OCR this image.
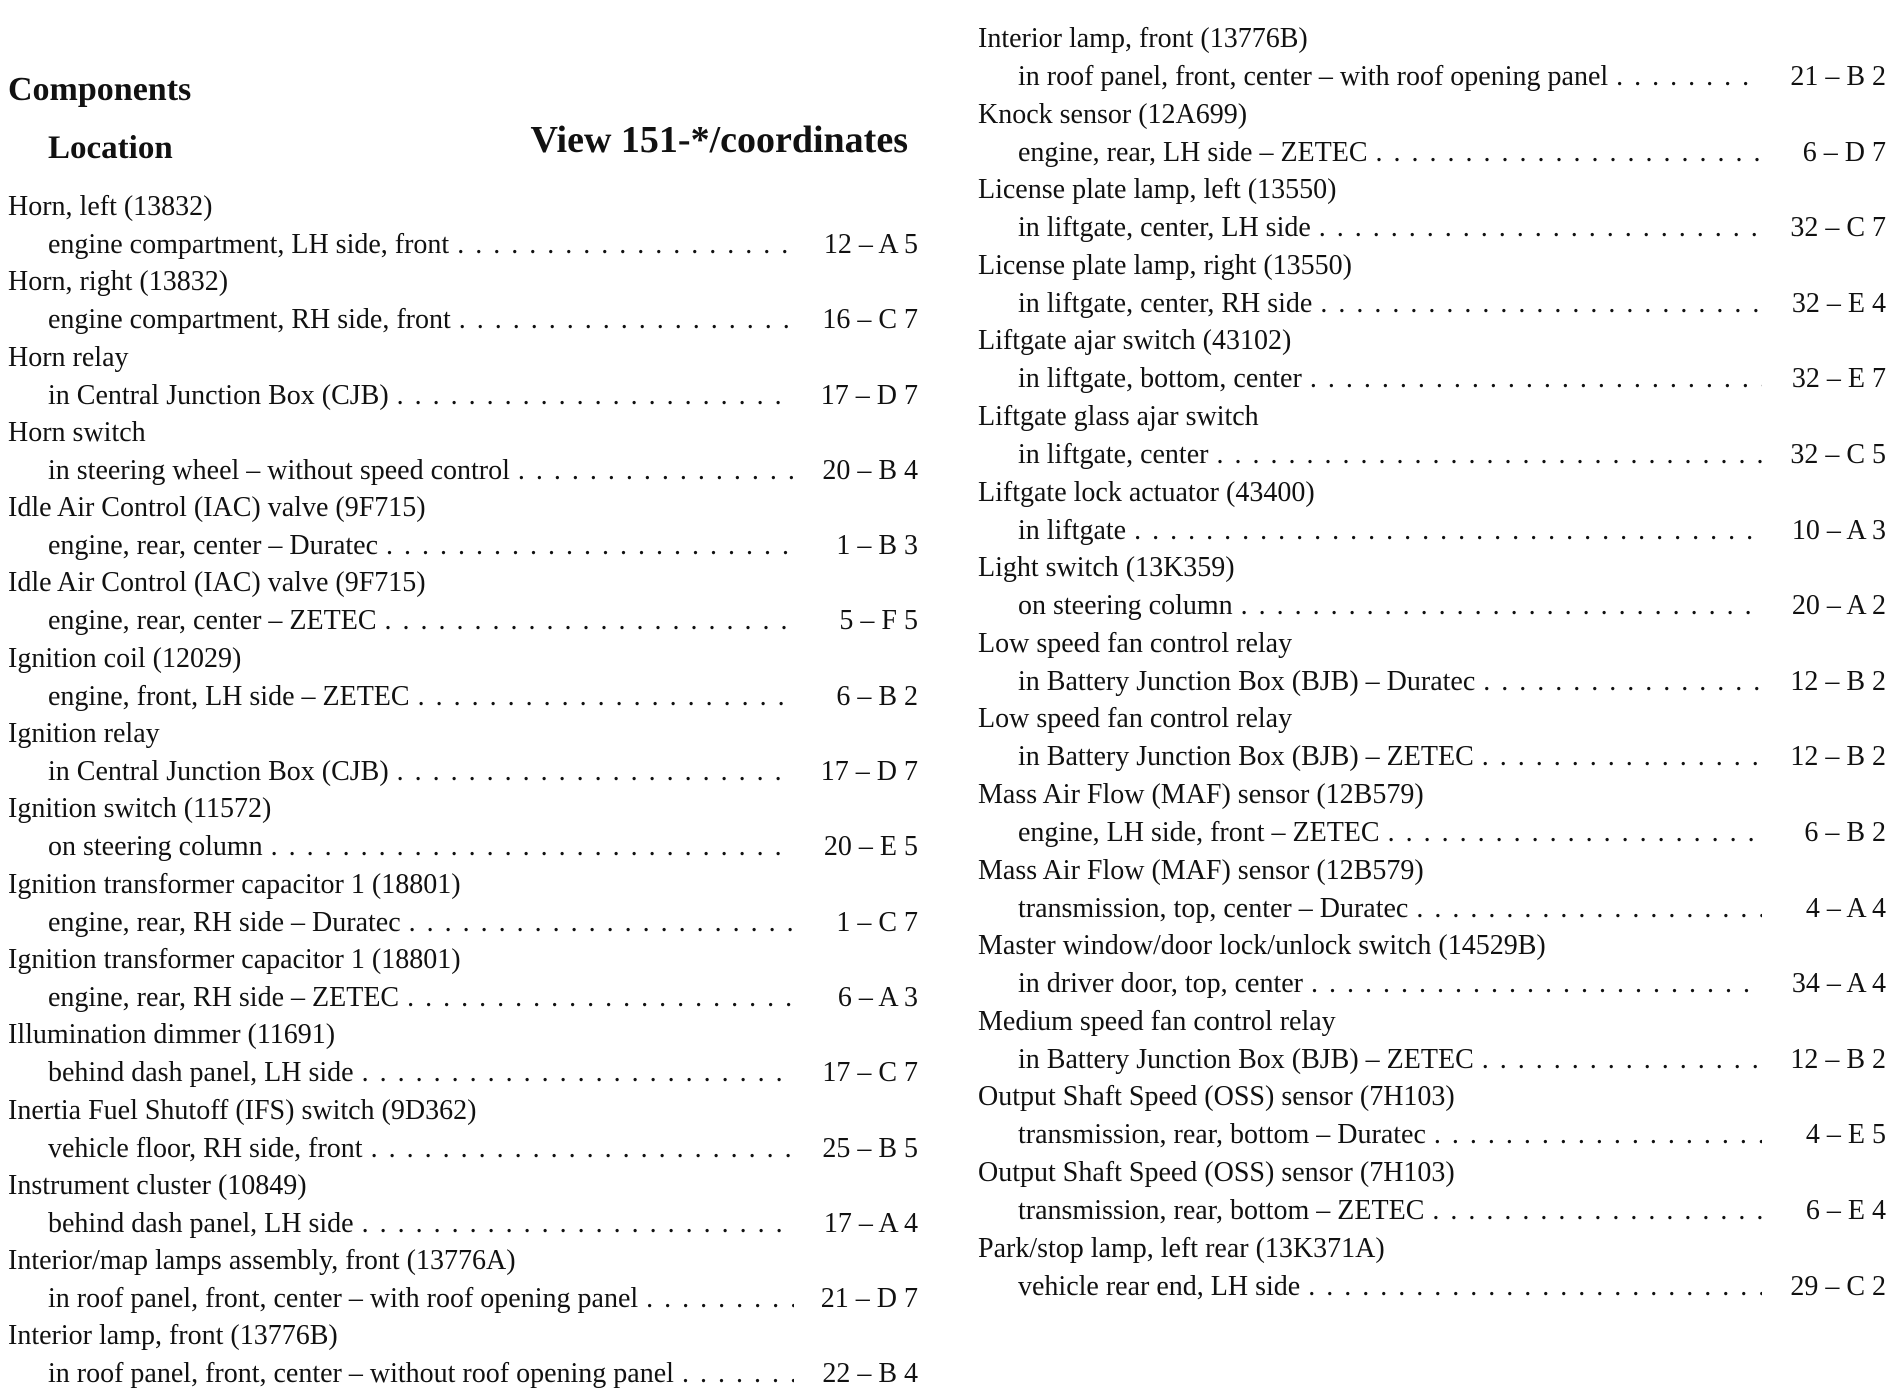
Components
Location	View 151-*/coordinates
Horn, left (13832)
engine compartment, LH side, front . . .	12 – A 5
Horn, right (13832)
engine compartment, RH side, front . . .	16 – C 7
Horn relay
in Central Junction Box (CJB) . . .	17 – D 7
Horn switch
in steering wheel – without speed control . . .	20 – B 4
Idle Air Control (IAC) valve (9F715)
engine, rear, center – Duratec . . .	1 – B 3
Idle Air Control (IAC) valve (9F715)
engine, rear, center – ZETEC . . .	5 – F 5
Ignition coil (12029)
engine, front, LH side – ZETEC . . .	6 – B 2
Ignition relay
in Central Junction Box (CJB) . . .	17 – D 7
Ignition switch (11572)
on steering column . . .	20 – E 5
Ignition transformer capacitor 1 (18801)
engine, rear, RH side – Duratec . . .	1 – C 7
Ignition transformer capacitor 1 (18801)
engine, rear, RH side – ZETEC . . .	6 – A 3
Illumination dimmer (11691)
behind dash panel, LH side . . .	17 – C 7
Inertia Fuel Shutoff (IFS) switch (9D362)
vehicle floor, RH side, front . . .	25 – B 5
Instrument cluster (10849)
behind dash panel, LH side . . .	17 – A 4
Interior/map lamps assembly, front (13776A)
in roof panel, front, center – with roof opening panel . . .	21 – D 7
Interior lamp, front (13776B)
in roof panel, front, center – without roof opening panel . . .	22 – B 4
Interior lamp, front (13776B)
in roof panel, front, center – with roof opening panel . . .	21 – B 2
Knock sensor (12A699)
engine, rear, LH side – ZETEC . . .	6 – D 7
License plate lamp, left (13550)
in liftgate, center, LH side . . .	32 – C 7
License plate lamp, right (13550)
in liftgate, center, RH side . . .	32 – E 4
Liftgate ajar switch (43102)
in liftgate, bottom, center . . .	32 – E 7
Liftgate glass ajar switch
in liftgate, center . . .	32 – C 5
Liftgate lock actuator (43400)
in liftgate . . .	10 – A 3
Light switch (13K359)
on steering column . . .	20 – A 2
Low speed fan control relay
in Battery Junction Box (BJB) – Duratec . . .	12 – B 2
Low speed fan control relay
in Battery Junction Box (BJB) – ZETEC . . .	12 – B 2
Mass Air Flow (MAF) sensor (12B579)
engine, LH side, front – ZETEC . . .	6 – B 2
Mass Air Flow (MAF) sensor (12B579)
transmission, top, center – Duratec . . .	4 – A 4
Master window/door lock/unlock switch (14529B)
in driver door, top, center . . .	34 – A 4
Medium speed fan control relay
in Battery Junction Box (BJB) – ZETEC . . .	12 – B 2
Output Shaft Speed (OSS) sensor (7H103)
transmission, rear, bottom – Duratec . . .	4 – E 5
Output Shaft Speed (OSS) sensor (7H103)
transmission, rear, bottom – ZETEC . . .	6 – E 4
Park/stop lamp, left rear (13K371A)
vehicle rear end, LH side . . .	29 – C 2
